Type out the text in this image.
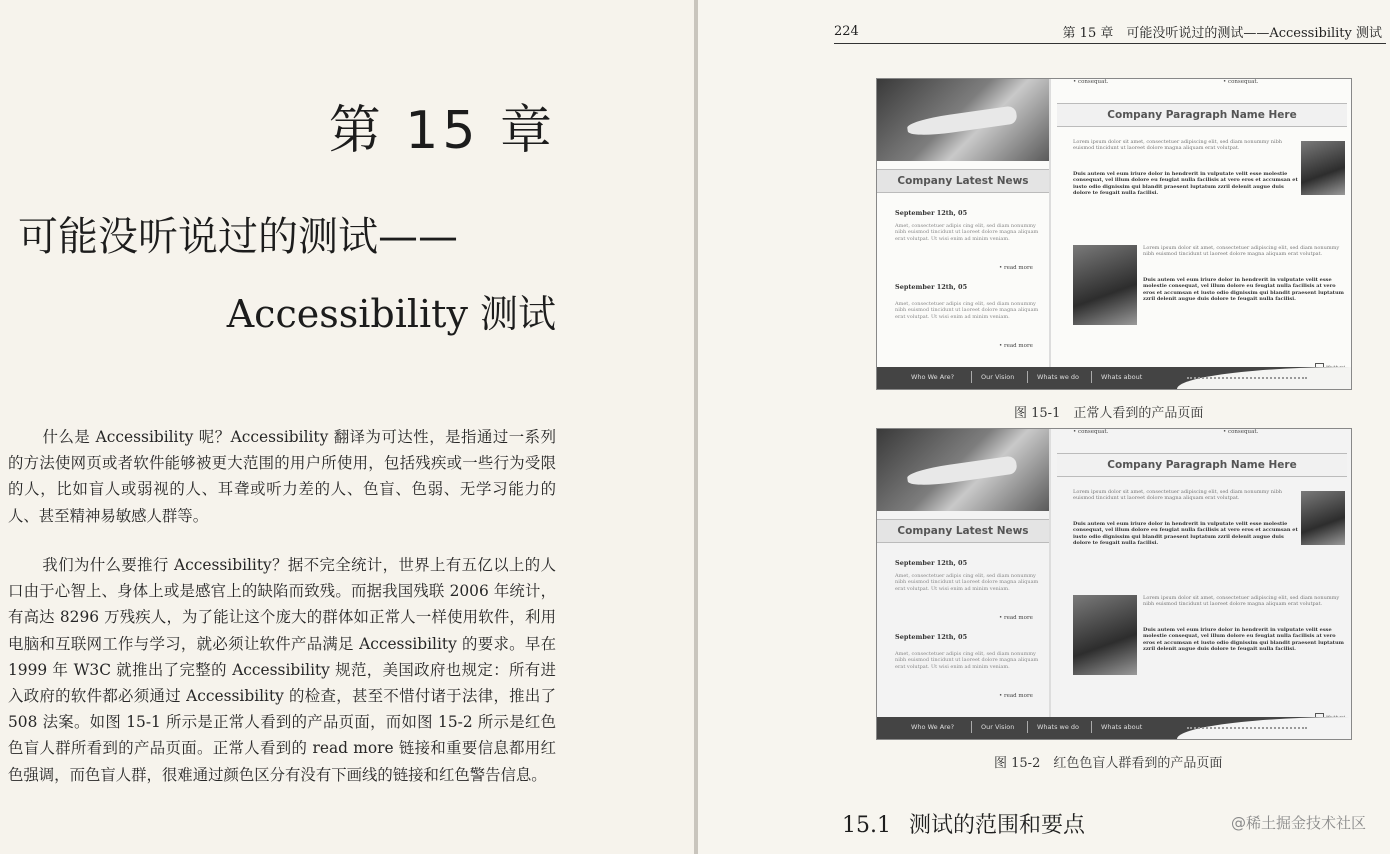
第 15 章
可能没听说过的测试——
Accessibility 测试

什么是 Accessibility 呢？Accessibility 翻译为可达性，是指通过一系列的方法使网页或者软件能够被更大范围的用户所使用，包括残疾或一些行为受限的人，比如盲人或弱视的人、耳聋或听力差的人、色盲、色弱、无学习能力的人、甚至精神易敏感人群等。

我们为什么要推行 Accessibility？据不完全统计，世界上有五亿以上的人口由于心智上、身体上或是感官上的缺陷而致残。而据我国残联 2006 年统计，有高达 8296 万残疾人，为了能让这个庞大的群体如正常人一样使用软件，利用电脑和互联网工作与学习，就必须让软件产品满足 Accessibility 的要求。早在 1999 年 W3C 就推出了完整的 Accessibility 规范，美国政府也规定：所有进入政府的软件都必须通过 Accessibility 的检查，甚至不惜付诸于法律，推出了 508 法案。如图 15-1 所示是正常人看到的产品页面，而如图 15-2 所示是红色色盲人群所看到的产品页面。正常人看到的 read more 链接和重要信息都用红色强调，而色盲人群，很难通过颜色区分有没有下画线的链接和红色警告信息。

224	第 15 章　可能没听说过的测试——Accessibility 测试
• consequat.	• consequat.
Company Paragraph Name Here
Company Latest News
September 12th, 05
Amet, consectetuer adipis cing elit, sed diam nonummy nibh euismod tincidunt ut laoreet dolore magna aliquam erat volutpat. Ut wisi enim ad minim veniam.
• read more
September 12th, 05
Amet, consectetuer adipis cing elit, sed diam nonummy nibh euismod tincidunt ut laoreet dolore magna aliquam erat volutpat. Ut wisi enim ad minim veniam.
• read more
Lorem ipsum dolor sit amet, consectetuer adipiscing elit, sed diam nonummy nibh euismod tincidunt ut laoreet dolore magna aliquam erat volutpat.
Duis autem vel eum iriure dolor in hendrerit in vulputate velit esse molestie consequat, vel illum dolore eu feugiat nulla facilisis at vero eros et accumsan et iusto odio dignissim qui blandit praesent luptatum zzril delenit augue duis dolore te feugait nulla facilisi.
Lorem ipsum dolor sit amet, consectetuer adipiscing elit, sed diam nonummy nibh euismod tincidunt ut laoreet dolore magna aliquam erat volutpat.
Duis autem vel eum iriure dolor in hendrerit in vulputate velit esse molestie consequat, vel illum dolore eu feugiat nulla facilisis at vero eros et accumsan et iusto odio dignissim qui blandit praesent luptatum zzril delenit augue duis dolore te feugait nulla facilisi.
Who We Are?	Our Vision	Whats we do	Whats about
图 15-1　正常人看到的产品页面
• consequat.	• consequat.
Company Paragraph Name Here
Company Latest News
September 12th, 05
Amet, consectetuer adipis cing elit, sed diam nonummy nibh euismod tincidunt ut laoreet dolore magna aliquam erat volutpat. Ut wisi enim ad minim veniam.
• read more
September 12th, 05
Amet, consectetuer adipis cing elit, sed diam nonummy nibh euismod tincidunt ut laoreet dolore magna aliquam erat volutpat. Ut wisi enim ad minim veniam.
• read more
Lorem ipsum dolor sit amet, consectetuer adipiscing elit, sed diam nonummy nibh euismod tincidunt ut laoreet dolore magna aliquam erat volutpat.
Duis autem vel eum iriure dolor in hendrerit in vulputate velit esse molestie consequat, vel illum dolore eu feugiat nulla facilisis at vero eros et accumsan et iusto odio dignissim qui blandit praesent luptatum zzril delenit augue duis dolore te feugait nulla facilisi.
Lorem ipsum dolor sit amet, consectetuer adipiscing elit, sed diam nonummy nibh euismod tincidunt ut laoreet dolore magna aliquam erat volutpat.
Duis autem vel eum iriure dolor in hendrerit in vulputate velit esse molestie consequat, vel illum dolore eu feugiat nulla facilisis at vero eros et accumsan et iusto odio dignissim qui blandit praesent luptatum zzril delenit augue duis dolore te feugait nulla facilisi.
Who We Are?	Our Vision	Whats we do	Whats about
图 15-2　红色色盲人群看到的产品页面
15.1 测试的范围和要点	@稀土掘金技术社区
